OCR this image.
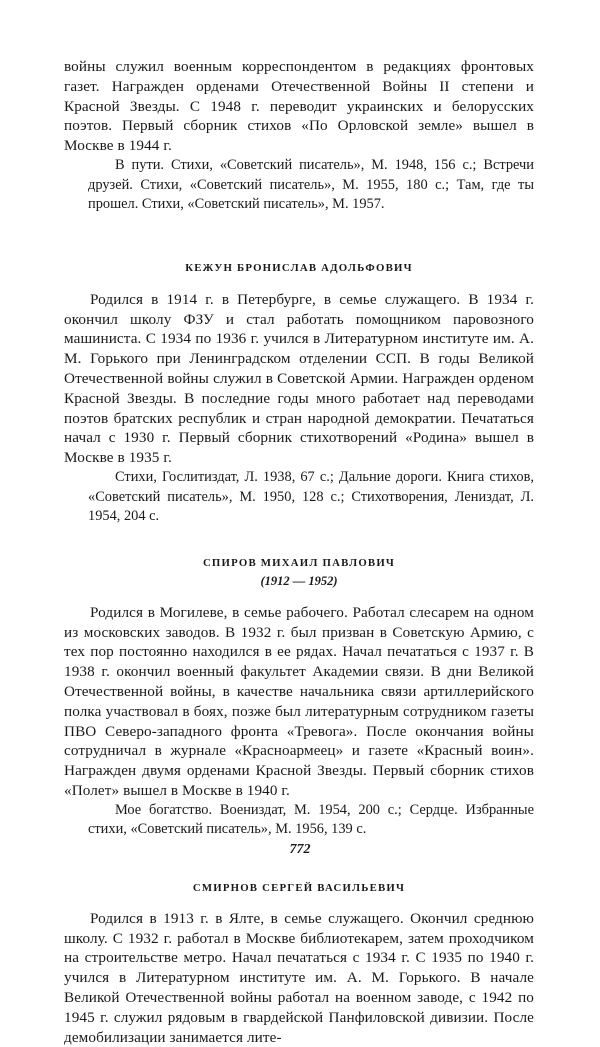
войны служил военным корреспондентом в редакциях фронтовых газет. Награжден орденами Отечественной Войны II степени и Красной Звезды. С 1948 г. переводит украинских и белорусских поэтов. Первый сборник стихов «По Орловской земле» вышел в Москве в 1944 г.

В пути. Стихи, «Советский писатель», М. 1948, 156 с.; Встречи друзей. Стихи, «Советский писатель», М. 1955, 180 с.; Там, где ты прошел. Стихи, «Советский писатель», М. 1957.

КЕЖУН БРОНИСЛАВ АДОЛЬФОВИЧ

Родился в 1914 г. в Петербурге, в семье служащего. В 1934 г. окончил школу ФЗУ и стал работать помощником паровозного машиниста. С 1934 по 1936 г. учился в Литературном институте им. А. М. Горького при Ленинградском отделении ССП. В годы Великой Отечественной войны служил в Советской Армии. Награжден орденом Красной Звезды. В последние годы много работает над переводами поэтов братских республик и стран народной демократии. Печататься начал с 1930 г. Первый сборник стихотворений «Родина» вышел в Москве в 1935 г.

Стихи, Гослитиздат, Л. 1938, 67 с.; Дальние дороги. Книга стихов, «Советский писатель», М. 1950, 128 с.; Стихотворения, Лениздат, Л. 1954, 204 с.

СПИРОВ МИХАИЛ ПАВЛОВИЧ

(1912 — 1952)

Родился в Могилеве, в семье рабочего. Работал слесарем на одном из московских заводов. В 1932 г. был призван в Советскую Армию, с тех пор постоянно находился в ее рядах. Начал печататься с 1937 г. В 1938 г. окончил военный факультет Академии связи. В дни Великой Отечественной войны, в качестве начальника связи артиллерийского полка участвовал в боях, позже был литературным сотрудником газеты ПВО Северо-западного фронта «Тревога». После окончания войны сотрудничал в журнале «Красноармеец» и газете «Красный воин». Награжден двумя орденами Красной Звезды. Первый сборник стихов «Полет» вышел в Москве в 1940 г.

Мое богатство. Воениздат, М. 1954, 200 с.; Сердце. Избранные стихи, «Советский писатель», М. 1956, 139 с.

СМИРНОВ СЕРГЕЙ ВАСИЛЬЕВИЧ

Родился в 1913 г. в Ялте, в семье служащего. Окончил среднюю школу. С 1932 г. работал в Москве библиотекарем, затем проходчиком на строительстве метро. Начал печататься с 1934 г. С 1935 по 1940 г. учился в Литературном институте им. А. М. Горького. В начале Великой Отечественной войны работал на военном заводе, с 1942 по 1945 г. служил рядовым в гвардейской Панфиловской дивизии. После демобилизации занимается лите-

772
